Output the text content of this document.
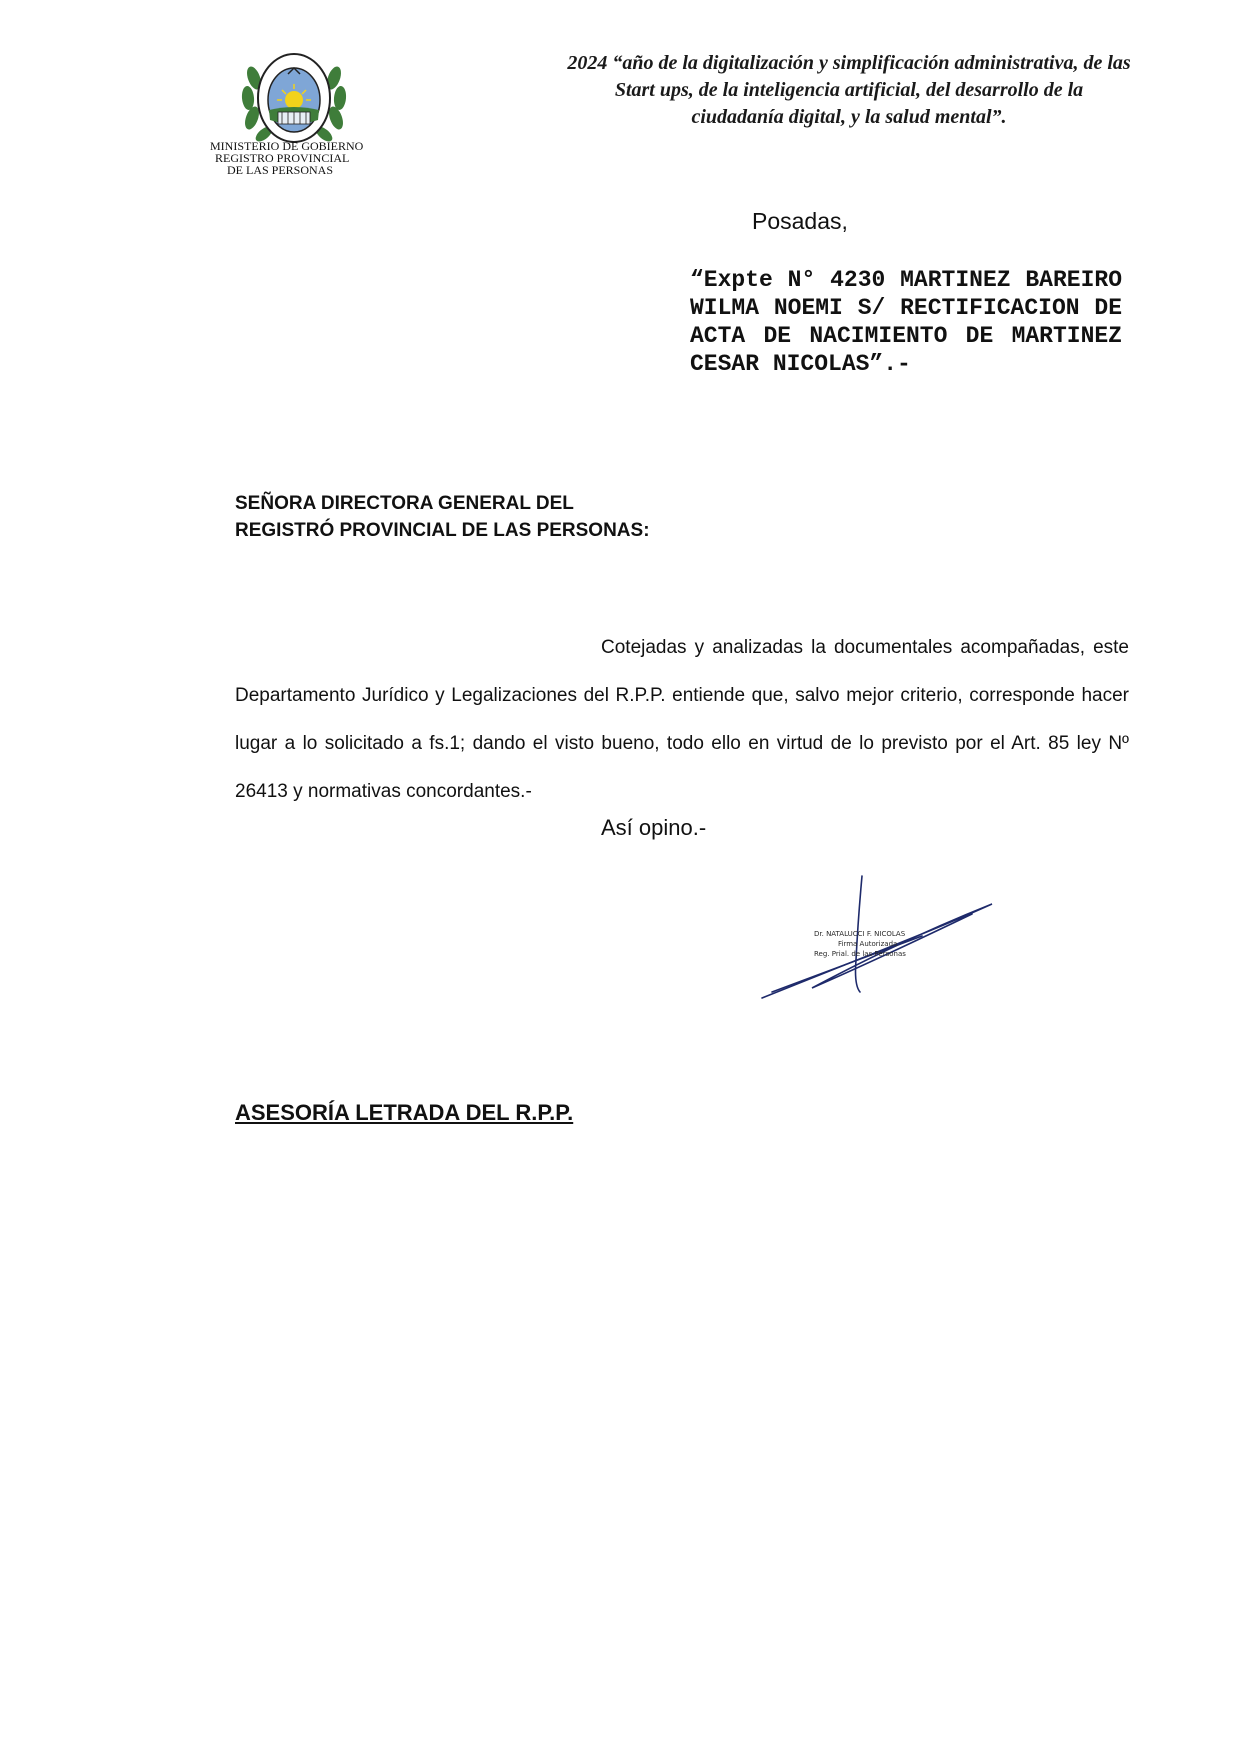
MINISTERIO DE GOBIERNO
REGISTRO PROVINCIAL
DE LAS PERSONAS
2024 “año de la digitalización y simplificación administrativa, de las
Start ups, de la inteligencia artificial, del desarrollo de la
ciudadanía digital, y la salud mental”.
Posadas,
“Expte N° 4230 MARTINEZ BAREIRO WILMA NOEMI S/ RECTIFICACION DE ACTA DE NACIMIENTO DE MARTINEZ CESAR NICOLAS”.-
SEÑORA DIRECTORA GENERAL DEL
REGISTRÓ PROVINCIAL DE LAS PERSONAS:
Cotejadas y analizadas la documentales acompañadas, este Departamento Jurídico y Legalizaciones del R.P.P. entiende que, salvo mejor criterio, corresponde hacer lugar a lo solicitado a fs.1; dando el visto bueno, todo ello en virtud de lo previsto por el Art. 85 ley Nº 26413 y normativas concordantes.-
Así opino.-
Dr. NATALUCCI F. NICOLAS
Firma Autorizada
Reg. Prial. de las Personas
ASESORÍA LETRADA DEL R.P.P.
